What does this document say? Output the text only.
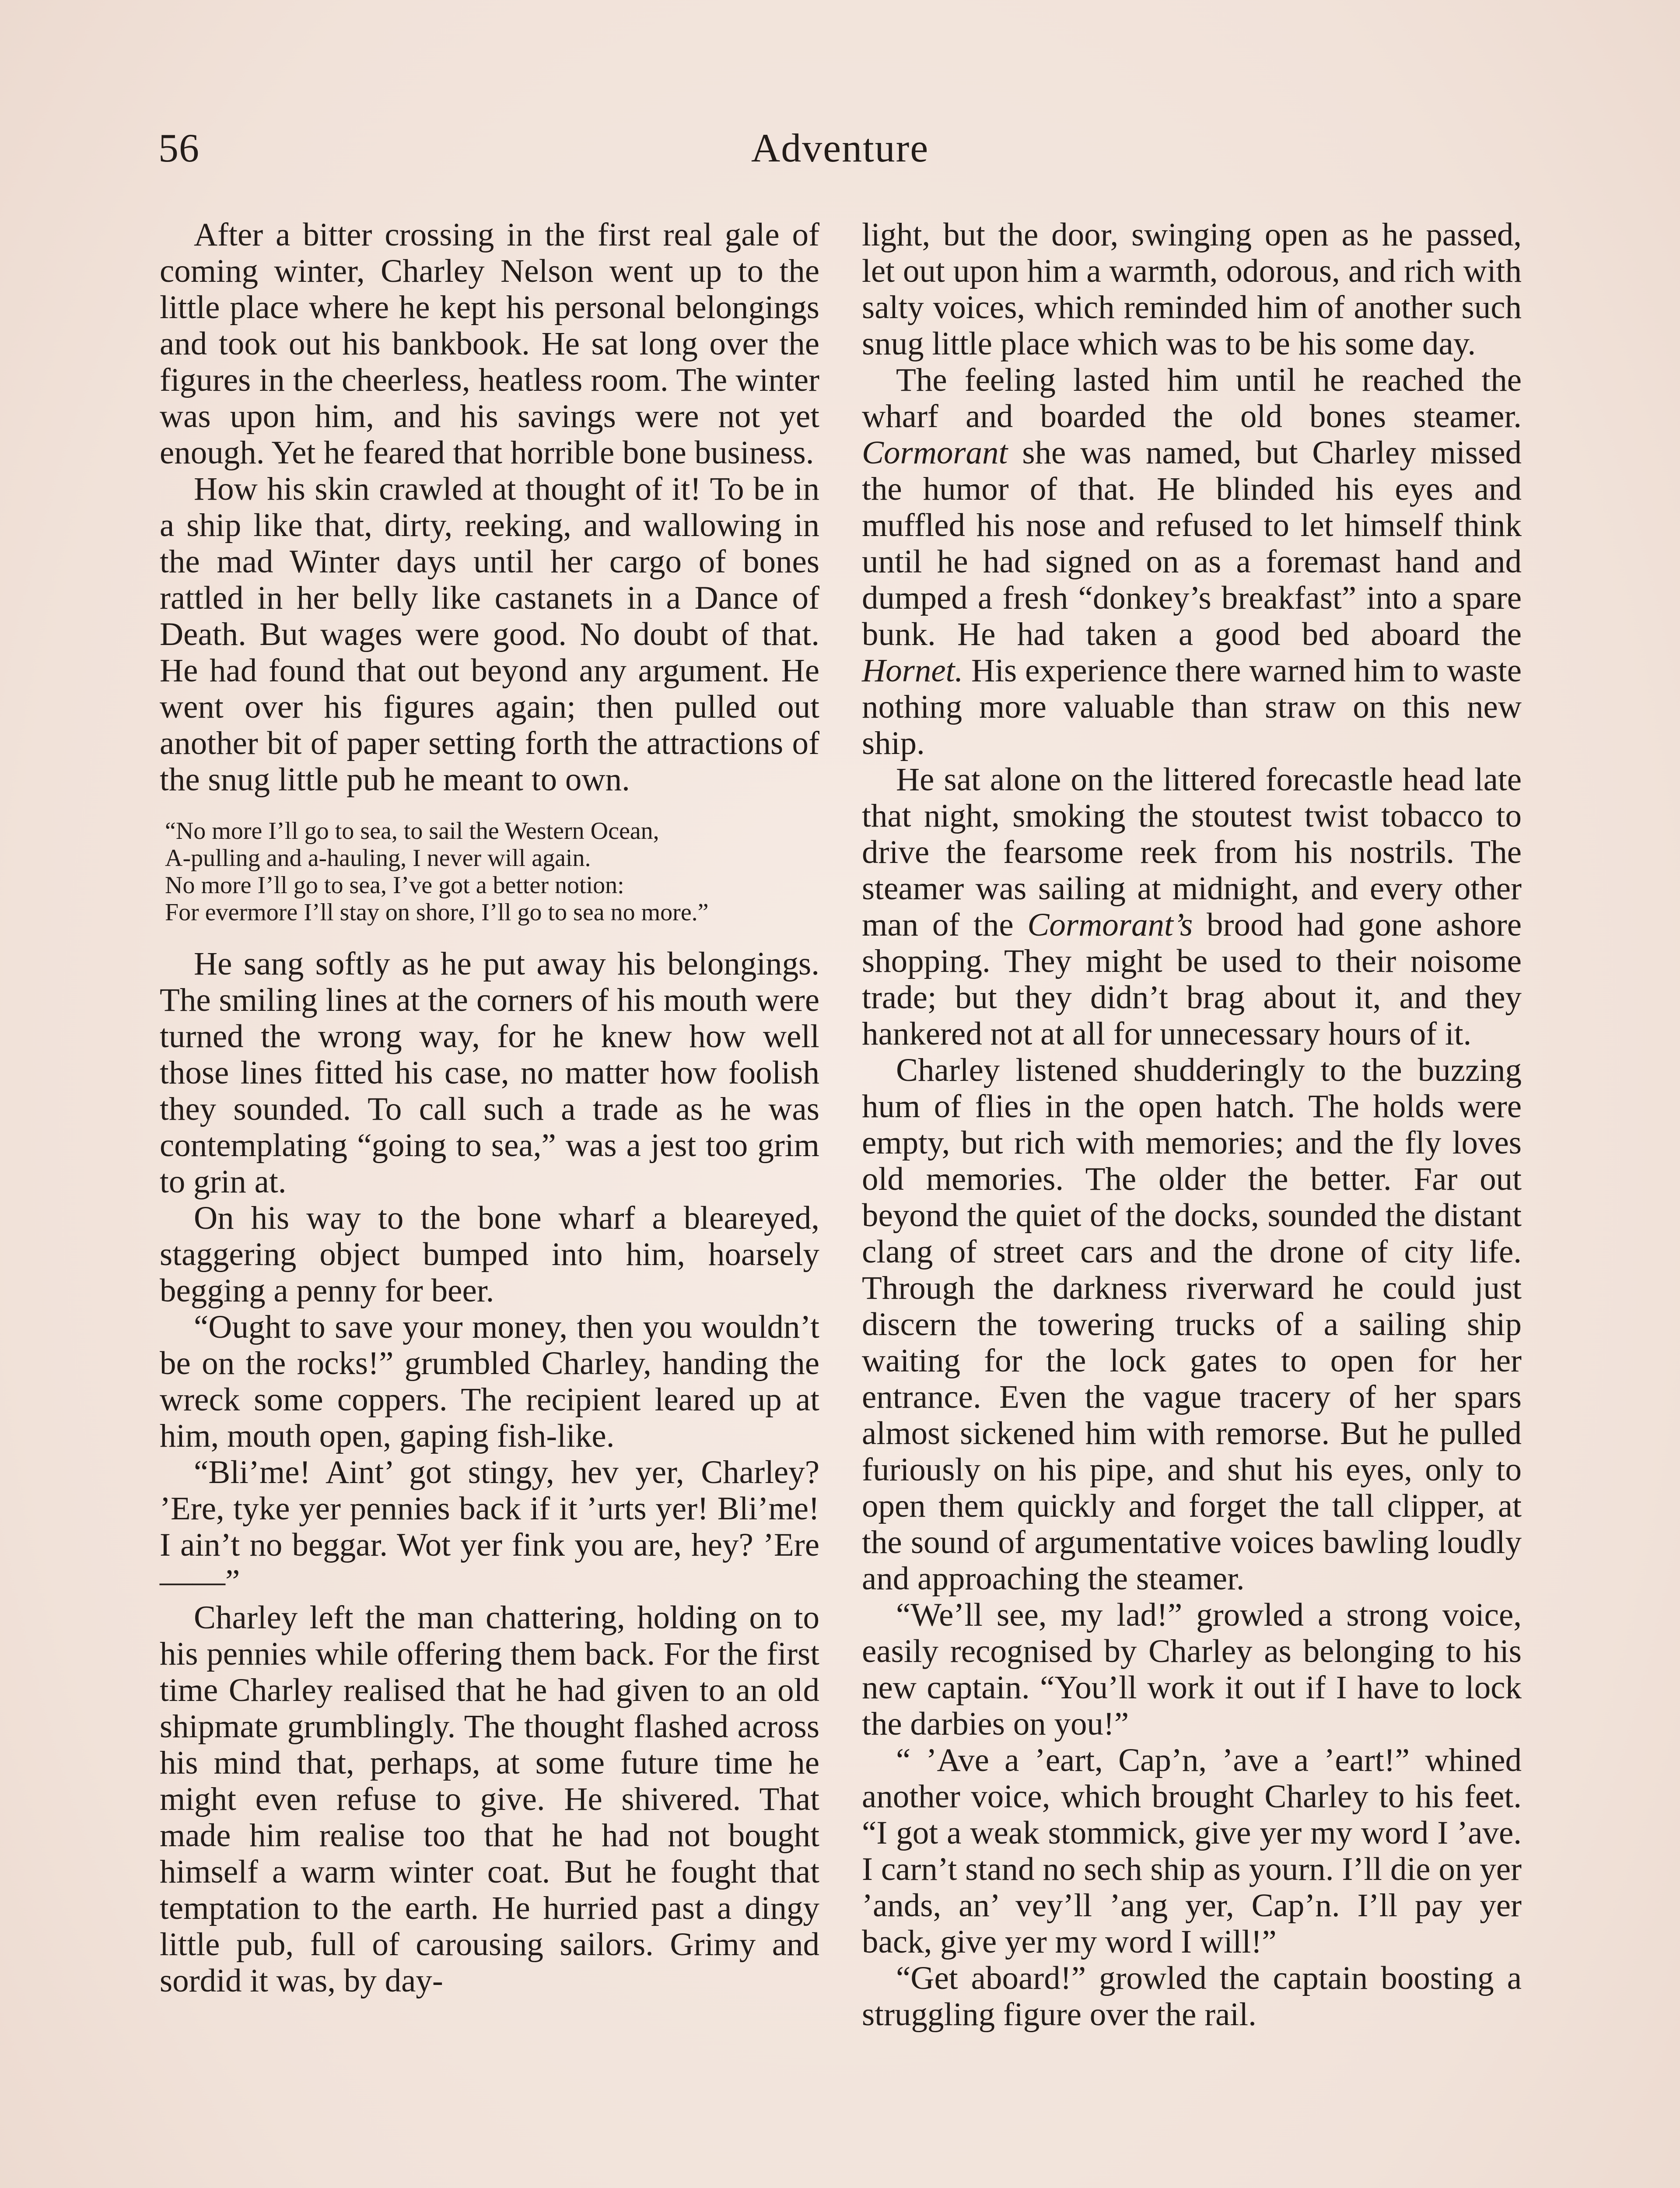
56	Adventure

After a bitter crossing in the first real gale of coming winter, Charley Nelson went up to the little place where he kept his personal belongings and took out his bankbook. He sat long over the figures in the cheerless, heatless room. The winter was upon him, and his savings were not yet enough. Yet he feared that horrible bone business.

How his skin crawled at thought of it! To be in a ship like that, dirty, reeking, and wallowing in the mad Winter days until her cargo of bones rattled in her belly like castanets in a Dance of Death. But wages were good. No doubt of that. He had found that out beyond any argument. He went over his figures again; then pulled out another bit of paper setting forth the attractions of the snug little pub he meant to own.

“No more I’ll go to sea, to sail the Western Ocean,
A-pulling and a-hauling, I never will again.
No more I’ll go to sea, I’ve got a better notion:
For evermore I’ll stay on shore, I’ll go to sea no more.”

He sang softly as he put away his belongings. The smiling lines at the corners of his mouth were turned the wrong way, for he knew how well those lines fitted his case, no matter how foolish they sounded. To call such a trade as he was contemplating “going to sea,” was a jest too grim to grin at.

On his way to the bone wharf a bleareyed, staggering object bumped into him, hoarsely begging a penny for beer.

“Ought to save your money, then you wouldn’t be on the rocks!” grumbled Charley, handing the wreck some coppers. The recipient leared up at him, mouth open, gaping fish-like.

“Bli’me! Aint’ got stingy, hev yer, Charley? ’Ere, tyke yer pennies back if it ’urts yer! Bli’me! I ain’t no beggar. Wot yer fink you are, hey? ’Ere——”

Charley left the man chattering, holding on to his pennies while offering them back. For the first time Charley realised that he had given to an old shipmate grumblingly. The thought flashed across his mind that, perhaps, at some future time he might even refuse to give. He shivered. That made him realise too that he had not bought himself a warm winter coat. But he fought that temptation to the earth. He hurried past a dingy little pub, full of carousing sailors. Grimy and sordid it was, by day-

light, but the door, swinging open as he passed, let out upon him a warmth, odorous, and rich with salty voices, which reminded him of another such snug little place which was to be his some day.

The feeling lasted him until he reached the wharf and boarded the old bones steamer. Cormorant she was named, but Charley missed the humor of that. He blinded his eyes and muffled his nose and refused to let himself think until he had signed on as a foremast hand and dumped a fresh “donkey’s breakfast” into a spare bunk. He had taken a good bed aboard the Hornet. His experience there warned him to waste nothing more valuable than straw on this new ship.

He sat alone on the littered forecastle head late that night, smoking the stoutest twist tobacco to drive the fearsome reek from his nostrils. The steamer was sailing at midnight, and every other man of the Cormorant’s brood had gone ashore shopping. They might be used to their noisome trade; but they didn’t brag about it, and they hankered not at all for unnecessary hours of it.

Charley listened shudderingly to the buzzing hum of flies in the open hatch. The holds were empty, but rich with memories; and the fly loves old memories. The older the better. Far out beyond the quiet of the docks, sounded the distant clang of street cars and the drone of city life. Through the darkness riverward he could just discern the towering trucks of a sailing ship waiting for the lock gates to open for her entrance. Even the vague tracery of her spars almost sickened him with remorse. But he pulled furiously on his pipe, and shut his eyes, only to open them quickly and forget the tall clipper, at the sound of argumentative voices bawling loudly and approaching the steamer.

“We’ll see, my lad!” growled a strong voice, easily recognised by Charley as belonging to his new captain. “You’ll work it out if I have to lock the darbies on you!”

“ ’Ave a ’eart, Cap’n, ’ave a ’eart!” whined another voice, which brought Charley to his feet. “I got a weak stommick, give yer my word I ’ave. I carn’t stand no sech ship as yourn. I’ll die on yer ’ands, an’ vey’ll ’ang yer, Cap’n. I’ll pay yer back, give yer my word I will!”

“Get aboard!” growled the captain boosting a struggling figure over the rail.
